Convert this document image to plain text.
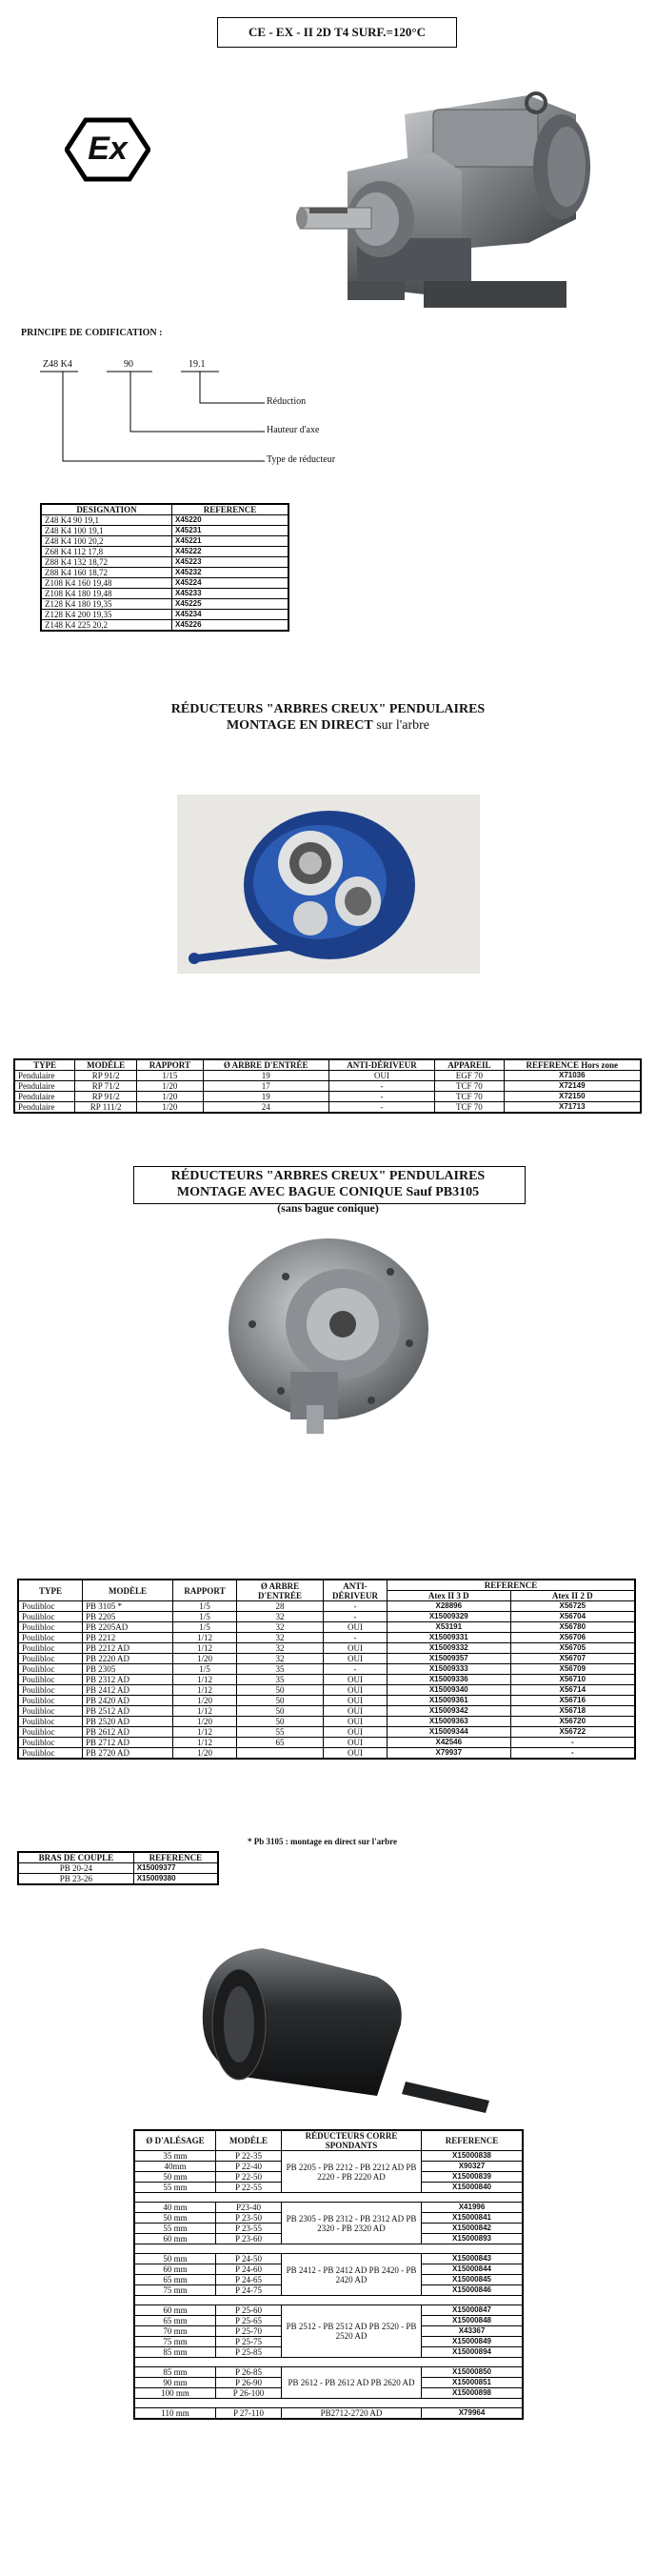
CE - EX - II 2D T4 SURF.=120°C
Ex
PRINCIPE DE CODIFICATION :
Z48 K4	90	19.1
Réduction
Hauteur d'axe
Type de réducteur
DESIGNATION	REFERENCE
Z48 K4 90 19,1	X45220
Z48 K4 100 19,1	X45231
Z48 K4 100 20,2	X45221
Z68 K4 112 17,8	X45222
Z88 K4 132 18,72	X45223
Z88 K4 160 18,72	X45232
Z108 K4 160 19,48	X45224
Z108 K4 180 19,48	X45233
Z128 K4 180 19,35	X45225
Z128 K4 200 19,35	X45234
Z148 K4 225 20,2	X45226
RÉDUCTEURS "ARBRES CREUX" PENDULAIRES
MONTAGE EN DIRECT sur l'arbre
TYPE	MODÈLE	RAPPORT	Ø ARBRE D'ENTRÉE	ANTI-DÉRIVEUR	APPAREIL	REFERENCE Hors zone
Pendulaire	RP 91/2	1/15	19	OUI	EGF 70	X71036
Pendulaire	RP 71/2	1/20	17	-	TCF 70	X72149
Pendulaire	RP 91/2	1/20	19	-	TCF 70	X72150
Pendulaire	RP 111/2	1/20	24	-	TCF 70	X71713
RÉDUCTEURS "ARBRES CREUX" PENDULAIRES
MONTAGE AVEC BAGUE CONIQUE Sauf PB3105
(sans bague conique)
TYPE	MODÈLE	RAPPORT	Ø ARBRE D'ENTRÉE	ANTI-DÉRIVEUR	REFERENCE	
					Atex II 3 D	Atex II 2 D
Poulibloc	PB 3105 *	1/5	28	-	X28896	X56725
Poulibloc	PB 2205	1/5	32	-	X15009329	X56704
Poulibloc	PB 2205AD	1/5	32	OUI	X53191	X56780
Poulibloc	PB 2212	1/12	32	-	X15009331	X56706
Poulibloc	PB 2212 AD	1/12	32	OUI	X15009332	X56705
Poulibloc	PB 2220 AD	1/20	32	OUI	X15009357	X56707
Poulibloc	PB 2305	1/5	35	-	X15009333	X56709
Poulibloc	PB 2312 AD	1/12	35	OUI	X15009336	X56710
Poulibloc	PB 2412 AD	1/12	50	OUI	X15009340	X56714
Poulibloc	PB 2420 AD	1/20	50	OUI	X15009361	X56716
Poulibloc	PB 2512 AD	1/12	50	OUI	X15009342	X56718
Poulibloc	PB 2520 AD	1/20	50	OUI	X15009363	X56720
Poulibloc	PB 2612 AD	1/12	55	OUI	X15009344	X56722
Poulibloc	PB 2712 AD	1/12	65	OUI	X42546	-
Poulibloc	PB 2720 AD	1/20		OUI	X79937	-
* Pb 3105 : montage en direct sur l'arbre
BRAS DE COUPLE	REFERENCE
PB 20-24	X15009377
PB 23-26	X15009380
Ø D'ALÉSAGE	MODÈLE	RÉDUCTEURS CORRE SPONDANTS	REFERENCE
35 mm	P 22-35	PB 2205 - PB 2212 - PB 2212 AD PB 2220 - PB 2220 AD	X15000838
40mm	P 22-40		X90327
50 mm	P 22-50		X15000839
55 mm	P 22-55		X15000840

40 mm	P23-40	PB 2305 - PB 2312 - PB 2312 AD PB 2320 - PB 2320 AD	X41996
50 mm	P 23-50		X15000841
55 mm	P 23-55		X15000842
60 mm	P 23-60		X15000893

50 mm	P 24-50	PB 2412 - PB 2412 AD PB 2420 - PB 2420 AD	X15000843
60 mm	P 24-60		X15000844
65 mm	P 24-65		X15000845
75 mm	P 24-75		X15000846

60 mm	P 25-60	PB 2512 - PB 2512 AD PB 2520 - PB 2520 AD	X15000847
65 mm	P 25-65		X15000848
70 mm	P 25-70		X43367
75 mm	P 25-75		X15000849
85 mm	P 25-85		X15000894

85 mm	P 26-85	PB 2612 - PB 2612 AD PB 2620 AD	X15000850
90 mm	P 26-90		X15000851
100 mm	P 26-100		X15000898

110 mm	P 27-110	PB2712-2720 AD	X79964
